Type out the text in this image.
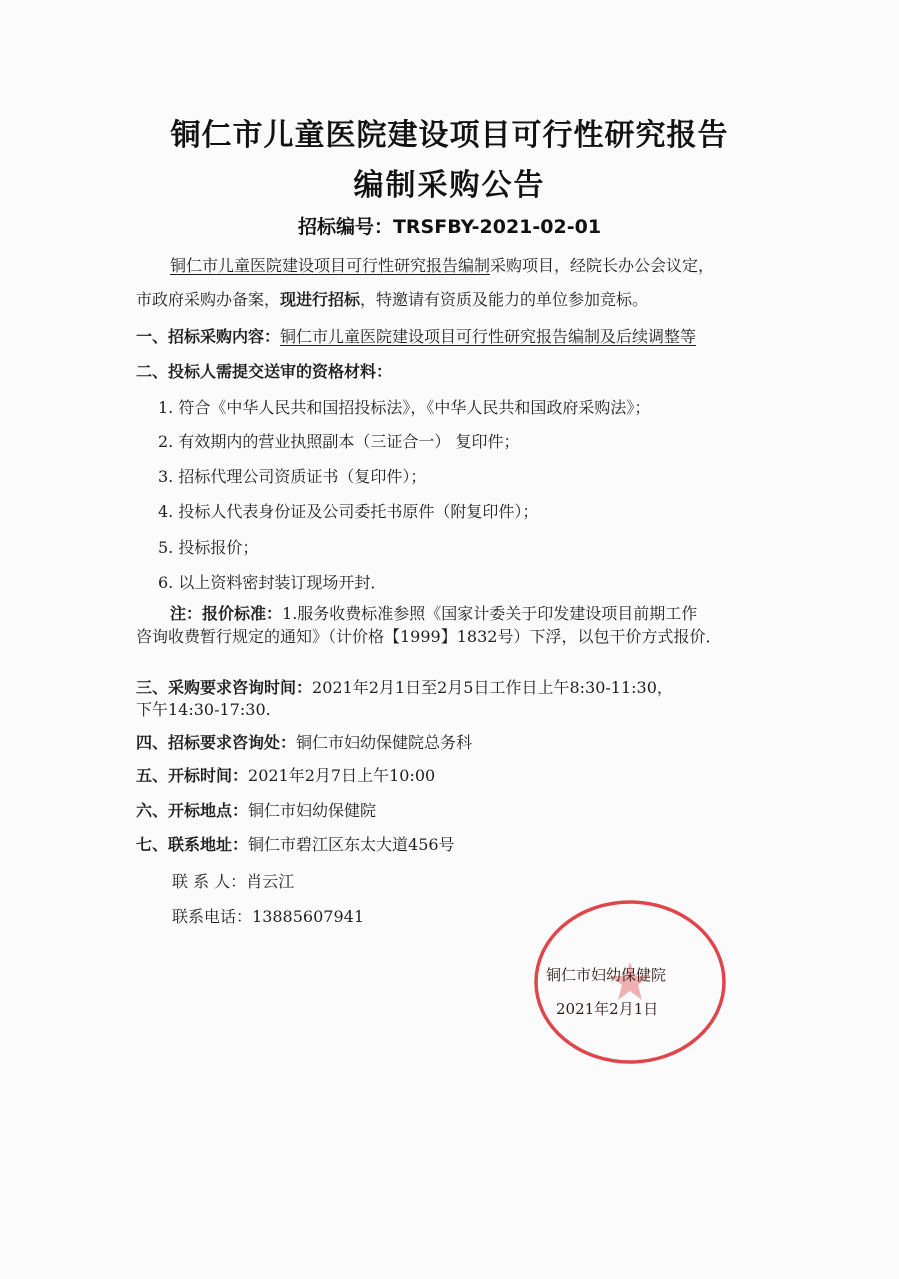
铜仁市儿童医院建设项目可行性研究报告
编制采购公告
招标编号：TRSFBY-2021-02-01
铜仁市儿童医院建设项目可行性研究报告编制采购项目，经院长办公会议定，
市政府采购办备案，现进行招标，特邀请有资质及能力的单位参加竞标。
一、招标采购内容：铜仁市儿童医院建设项目可行性研究报告编制及后续调整等
二、投标人需提交送审的资格材料：
1. 符合《中华人民共和国招投标法》，《中华人民共和国政府采购法》；
2. 有效期内的营业执照副本（三证合一） 复印件；
3. 招标代理公司资质证书（复印件）；
4. 投标人代表身份证及公司委托书原件（附复印件）；
5. 投标报价；
6. 以上资料密封装订现场开封．
注：报价标准：1.服务收费标准参照《国家计委关于印发建设项目前期工作
咨询收费暂行规定的通知》（计价格【1999】1832号）下浮，以包干价方式报价．
三、采购要求咨询时间：2021年2月1日至2月5日工作日上午8:30-11:30，
下午14:30-17:30.
四、招标要求咨询处：铜仁市妇幼保健院总务科
五、开标时间：2021年2月7日上午10:00
六、开标地点：铜仁市妇幼保健院
七、联系地址：铜仁市碧江区东太大道456号
联 系 人：肖云江
联系电话：13885607941
铜仁市妇幼保健院
2021年2月1日
